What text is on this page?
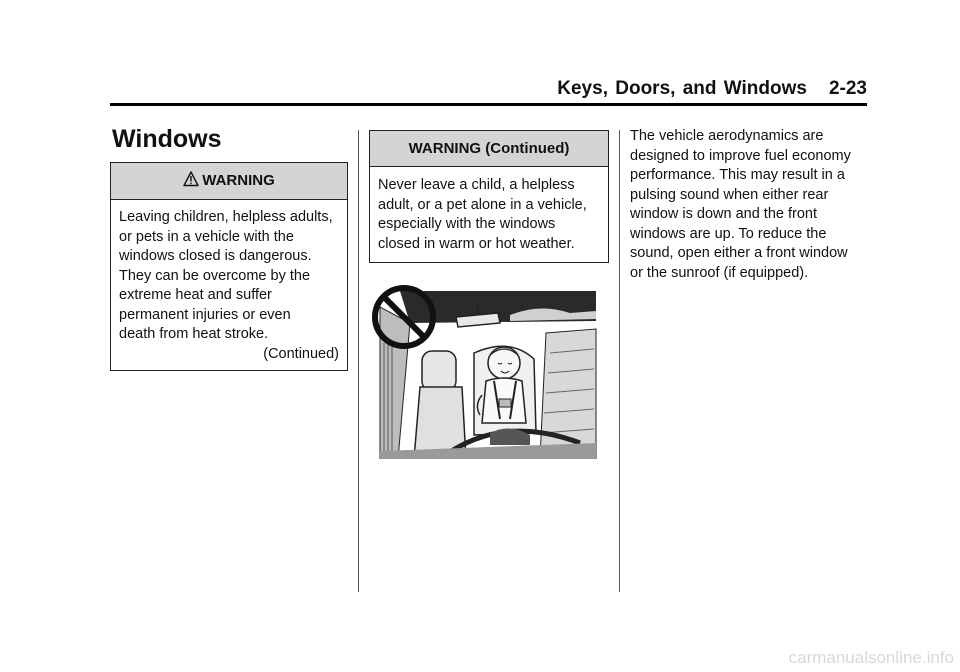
Keys, Doors, and Windows 2-23
Windows
WARNING
Leaving children, helpless adults,
or pets in a vehicle with the
windows closed is dangerous.
They can be overcome by the
extreme heat and suffer
permanent injuries or even
death from heat stroke.
(Continued)
WARNING (Continued)
Never leave a child, a helpless
adult, or a pet alone in a vehicle,
especially with the windows
closed in warm or hot weather.
The vehicle aerodynamics are
designed to improve fuel economy
performance. This may result in a
pulsing sound when either rear
window is down and the front
windows are up. To reduce the
sound, open either a front window
or the sunroof (if equipped).
carmanualsonline.info
